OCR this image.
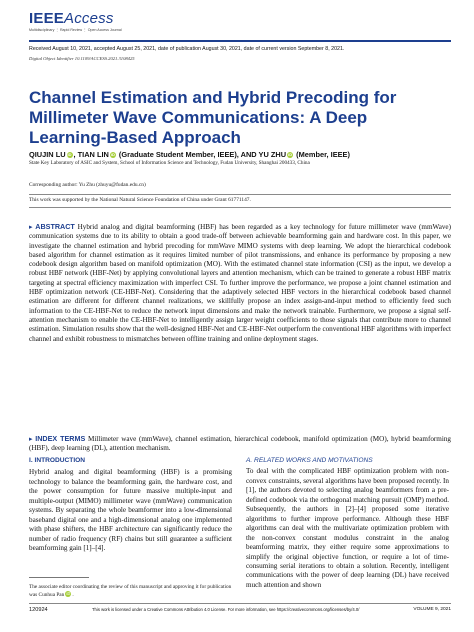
IEEEAccess
Multidisciplinary ⋮ Rapid Review ⋮ Open Access Journal
Received August 10, 2021, accepted August 25, 2021, date of publication August 30, 2021, date of current version September 8, 2021.
Digital Object Identifier 10.1109/ACCESS.2021.3108425
Channel Estimation and Hybrid Precoding for Millimeter Wave Communications: A Deep Learning-Based Approach
QIUJIN LU iD , TIAN LIN iD (Graduate Student Member, IEEE), AND YU ZHU iD (Member, IEEE)
State Key Laboratory of ASIC and System, School of Information Science and Technology, Fudan University, Shanghai 200433, China
Corresponding author: Yu Zhu (zhuyu@fudan.edu.cn)
This work was supported by the National Natural Science Foundation of China under Grant 61771147.
▸ ABSTRACT Hybrid analog and digital beamforming (HBF) has been regarded as a key technology for future millimeter wave (mmWave) communication systems due to its ability to obtain a good trade-off between achievable beamforming gain and hardware cost. In this paper, we investigate the channel estimation and hybrid precoding for mmWave MIMO systems with deep learning. We adopt the hierarchical codebook based algorithm for channel estimation as it requires limited number of pilot transmissions, and enhance its performance by proposing a new codebook design algorithm based on manifold optimization (MO). With the estimated channel state information (CSI) as the input, we develop a robust HBF network (HBF-Net) by applying convolutional layers and attention mechanism, which can be trained to generate a robust HBF matrix targeting at spectral efficiency maximization with imperfect CSI. To further improve the performance, we propose a joint channel estimation and HBF optimization network (CE-HBF-Net). Considering that the adaptively selected HBF vectors in the hierarchical codebook based channel estimation are different for different channel realizations, we skillfully propose an index assign-and-input method to efficiently feed such information to the CE-HBF-Net to reduce the network input dimensions and make the network trainable. Furthermore, we propose a signal self-attention mechanism to enable the CE-HBF-Net to intelligently assign larger weight coefficients to those signals that contribute more to channel estimation. Simulation results show that the well-designed HBF-Net and CE-HBF-Net outperform the conventional HBF algorithms with imperfect channel and exhibit robustness to mismatches between offline training and online deployment stages.
▸ INDEX TERMS Millimeter wave (mmWave), channel estimation, hierarchical codebook, manifold optimization (MO), hybrid beamforming (HBF), deep learning (DL), attention mechanism.
I. INTRODUCTION
Hybrid analog and digital beamforming (HBF) is a promising technology to balance the beamforming gain, the hardware cost, and the power consumption for future massive multiple-input and multiple-output (MIMO) millimeter wave (mmWave) communication systems. By separating the whole beamformer into a low-dimensional baseband digital one and a high-dimensional analog one implemented with phase shifters, the HBF architecture can significantly reduce the number of radio frequency (RF) chains but still guarantee a sufficient beamforming gain [1]–[4].
A. RELATED WORKS AND MOTIVATIONS
To deal with the complicated HBF optimization problem with non-convex constraints, several algorithms have been proposed recently. In [1], the authors devoted to selecting analog beamformers from a pre-defined codebook via the orthogonal matching pursuit (OMP) method. Subsequently, the authors in [2]–[4] proposed some iterative algorithms to further improve performance. Although these HBF algorithms can deal with the multivariate optimization problem with the non-convex constant modulus constraint in the analog beamforming matrix, they either require some approximations to simplify the original objective function, or require a lot of time-consuming serial iterations to obtain a solution. Recently, intelligent communications with the power of deep learning (DL) have received much attention and shown
The associate editor coordinating the review of this manuscript and approving it for publication was Cunhua Pan iD .
120924	This work is licensed under a Creative Commons Attribution 4.0 License. For more information, see https://creativecommons.org/licenses/by/4.0/	VOLUME 9, 2021
